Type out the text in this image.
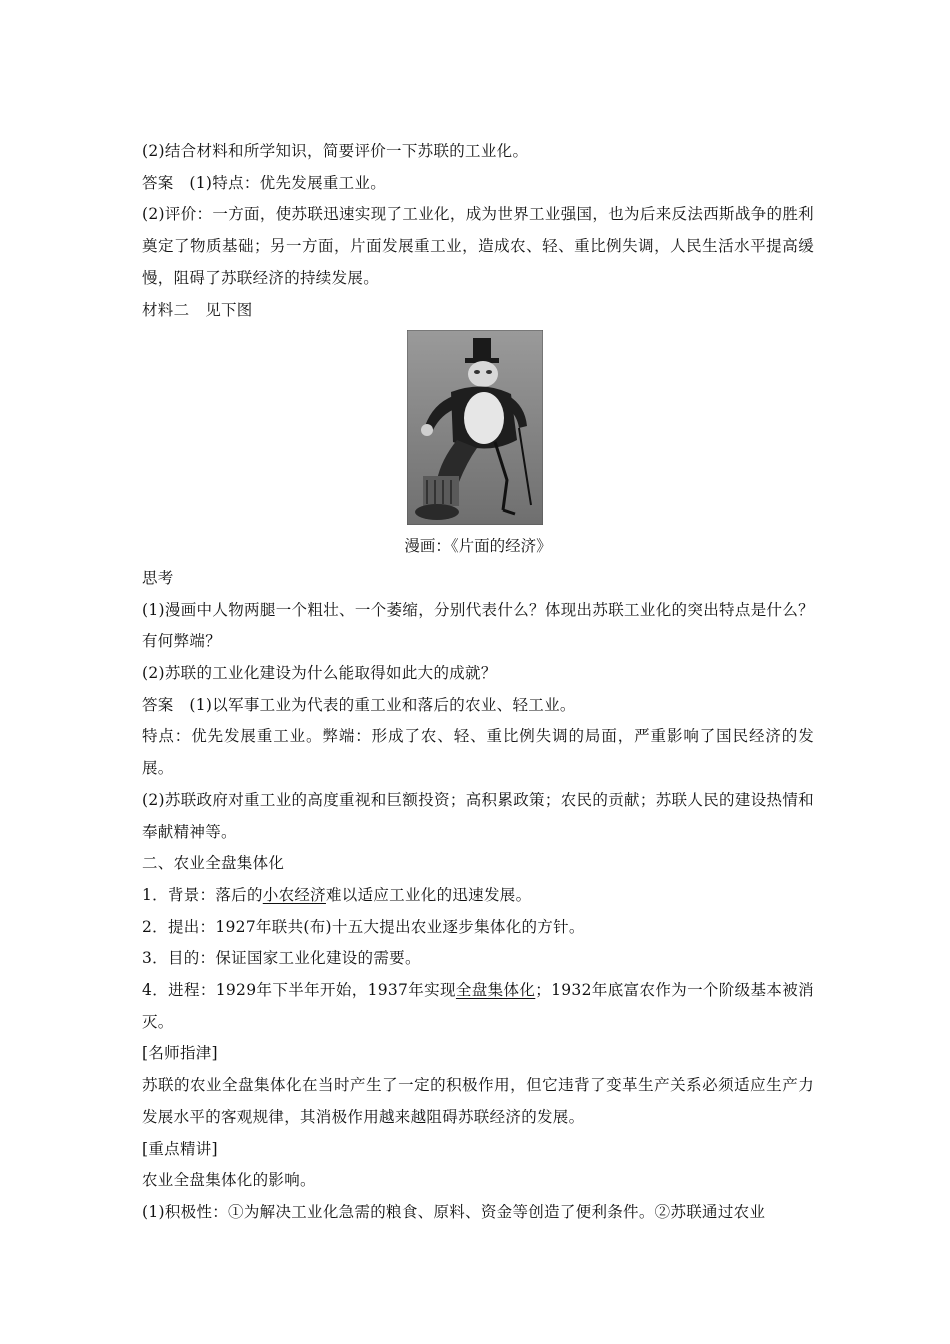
(2)结合材料和所学知识，简要评价一下苏联的工业化。
答案　 (1)特点：优先发展重工业。
(2)评价：一方面，使苏联迅速实现了工业化，成为世界工业强国，也为后来反法西斯战争的胜利奠定了物质基础；另一方面，片面发展重工业，造成农、轻、重比例失调，人民生活水平提高缓慢，阻碍了苏联经济的持续发展。
材料二　见下图
漫画：《片面的经济》
思考
(1)漫画中人物两腿一个粗壮、一个萎缩，分别代表什么？体现出苏联工业化的突出特点是什么？有何弊端？
(2)苏联的工业化建设为什么能取得如此大的成就？
答案　 (1)以军事工业为代表的重工业和落后的农业、轻工业。
特点：优先发展重工业。弊端：形成了农、轻、重比例失调的局面，严重影响了国民经济的发展。
(2)苏联政府对重工业的高度重视和巨额投资；高积累政策；农民的贡献；苏联人民的建设热情和奉献精神等。
二、农业全盘集体化
1．背景：落后的小农经济难以适应工业化的迅速发展。
2．提出：1927年联共(布)十五大提出农业逐步集体化的方针。
3．目的：保证国家工业化建设的需要。
4．进程：1929年下半年开始，1937年实现全盘集体化；1932年底富农作为一个阶级基本被消灭。
[名师指津]
苏联的农业全盘集体化在当时产生了一定的积极作用，但它违背了变革生产关系必须适应生产力发展水平的客观规律，其消极作用越来越阻碍苏联经济的发展。
[重点精讲]
农业全盘集体化的影响。
(1)积极性：①为解决工业化急需的粮食、原料、资金等创造了便利条件。②苏联通过农业
